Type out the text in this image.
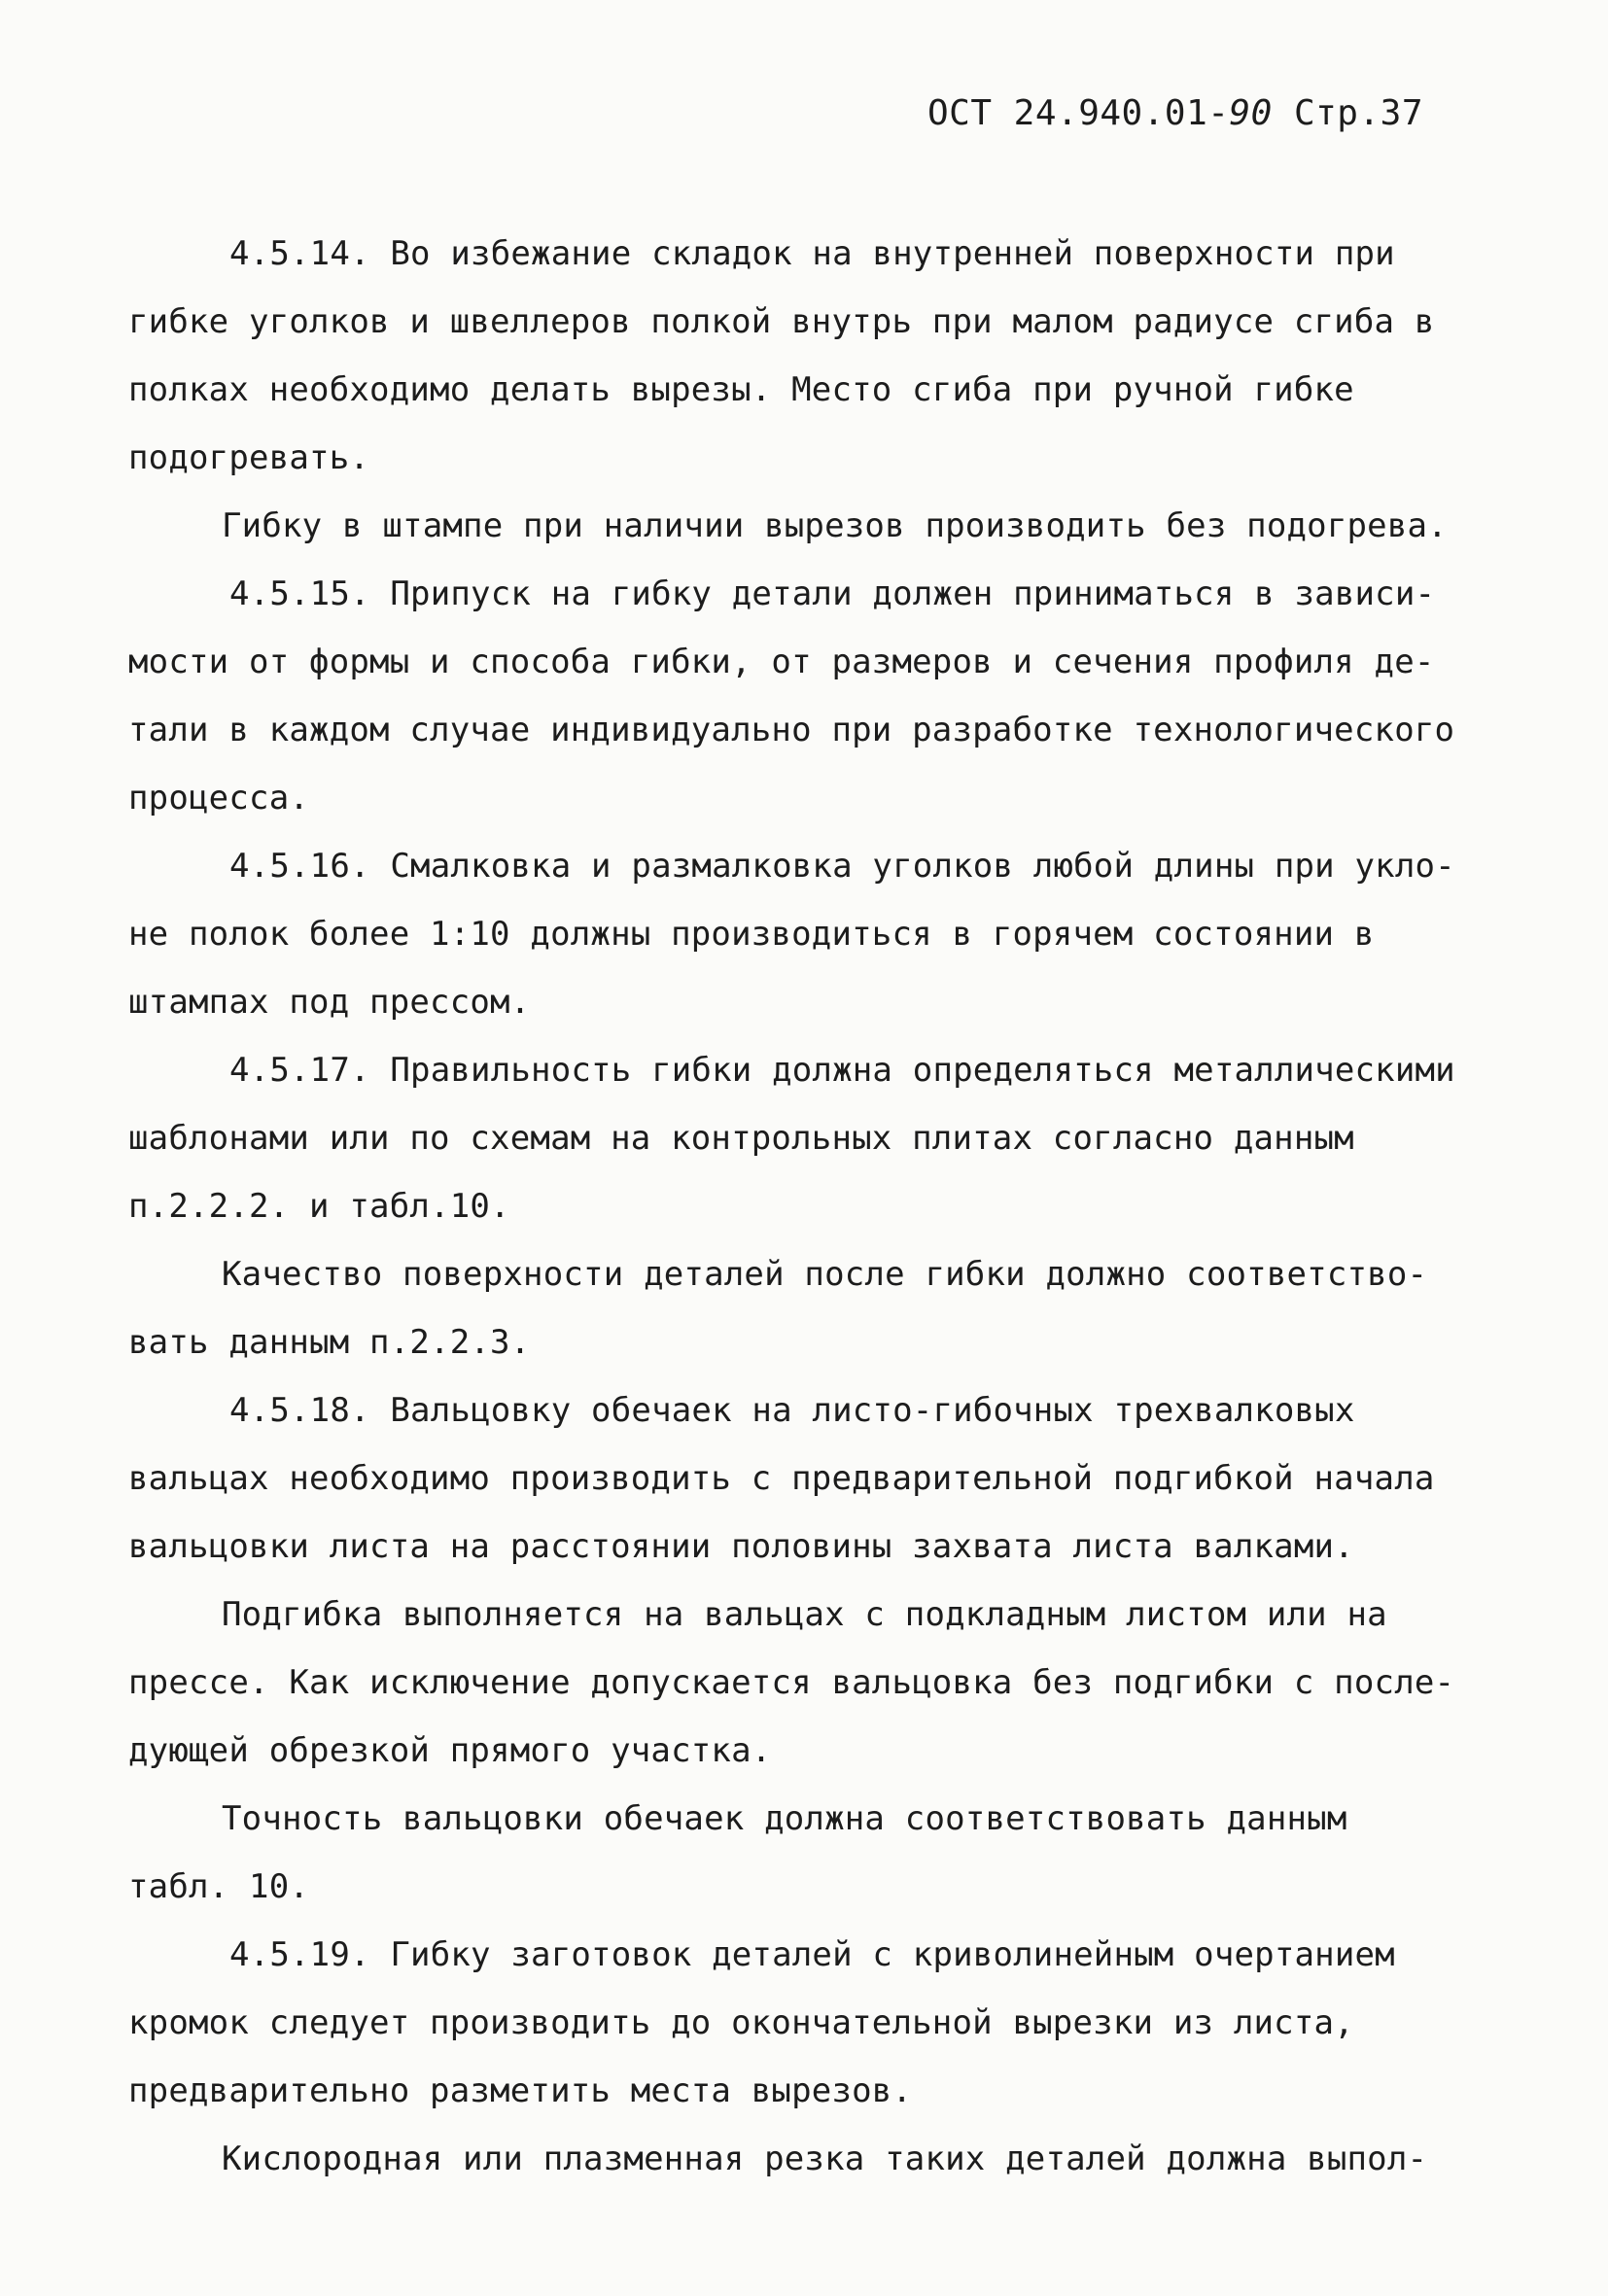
ОСТ 24.940.01-90 Стр.37
4.5.14. Во избежание складок на внутренней поверхности при
гибке уголков и швеллеров полкой внутрь при малом радиусе сгиба в
полках необходимо делать вырезы. Место сгиба при ручной гибке
подогревать.
Гибку в штампе при наличии вырезов производить без подогрева.
4.5.15. Припуск на гибку детали должен приниматься в зависи-
мости от формы и способа гибки, от размеров и сечения профиля де-
тали в каждом случае индивидуально при разработке технологического
процесса.
4.5.16. Смалковка и размалковка уголков любой длины при укло-
не полок более 1:10 должны производиться в горячем состоянии в
штампах под прессом.
4.5.17. Правильность гибки должна определяться металлическими
шаблонами или по схемам на контрольных плитах согласно данным
п.2.2.2. и табл.10.
Качество поверхности деталей после гибки должно соответство-
вать данным п.2.2.3.
4.5.18. Вальцовку обечаек на листо-гибочных трехвалковых
вальцах необходимо производить с предварительной подгибкой начала
вальцовки листа на расстоянии половины захвата листа валками.
Подгибка выполняется на вальцах с подкладным листом или на
прессе. Как исключение допускается вальцовка без подгибки с после-
дующей обрезкой прямого участка.
Точность вальцовки обечаек должна соответствовать данным
табл. 10.
4.5.19. Гибку заготовок деталей с криволинейным очертанием
кромок следует производить до окончательной вырезки из листа,
предварительно разметить места вырезов.
Кислородная или плазменная резка таких деталей должна выпол-
